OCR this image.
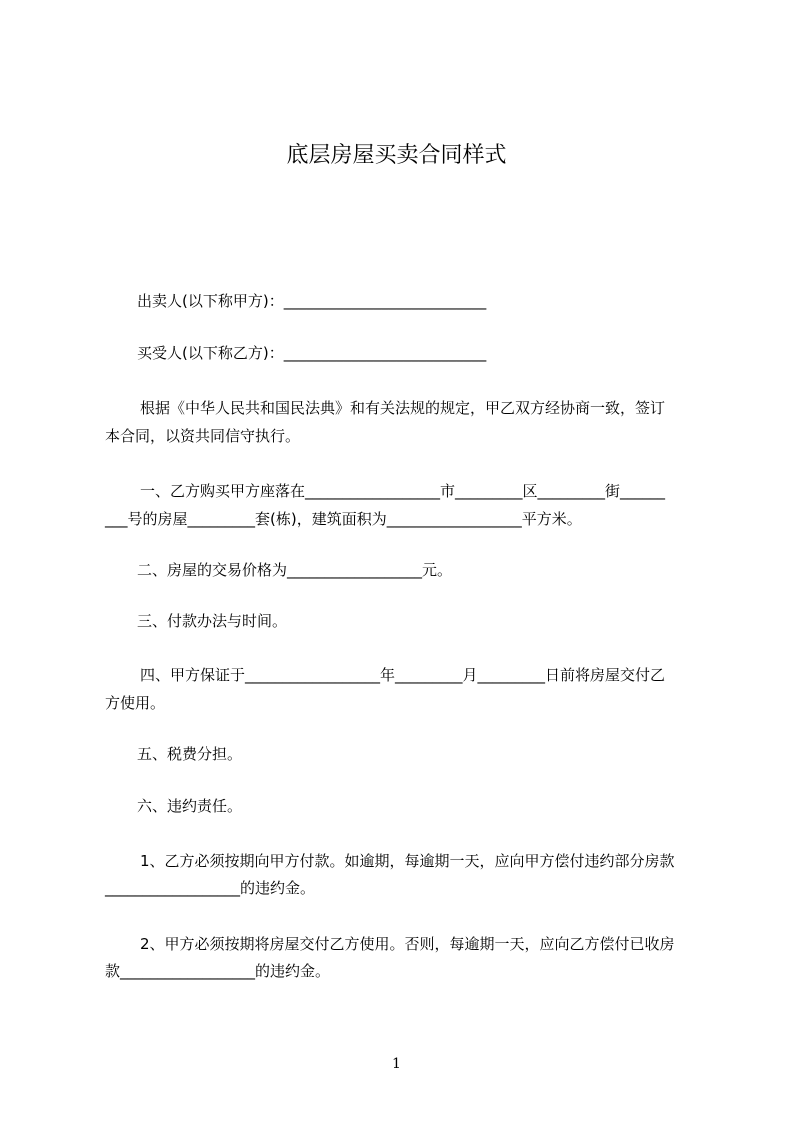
底层房屋买卖合同样式
出卖人(以下称甲方)：___________________________
买受人(以下称乙方)：___________________________
根据《中华人民共和国民法典》和有关法规的规定，甲乙双方经协商一致，签订
本合同，以资共同信守执行。
一、乙方购买甲方座落在__________________市_________区_________街______
___号的房屋_________套(栋)，建筑面积为__________________平方米。
二、房屋的交易价格为__________________元。
三、付款办法与时间。
四、甲方保证于__________________年_________月_________日前将房屋交付乙
方使用。
五、税费分担。
六、违约责任。
1、乙方必须按期向甲方付款。如逾期，每逾期一天，应向甲方偿付违约部分房款
__________________的违约金。
2、甲方必须按期将房屋交付乙方使用。否则，每逾期一天，应向乙方偿付已收房
款__________________的违约金。
1
